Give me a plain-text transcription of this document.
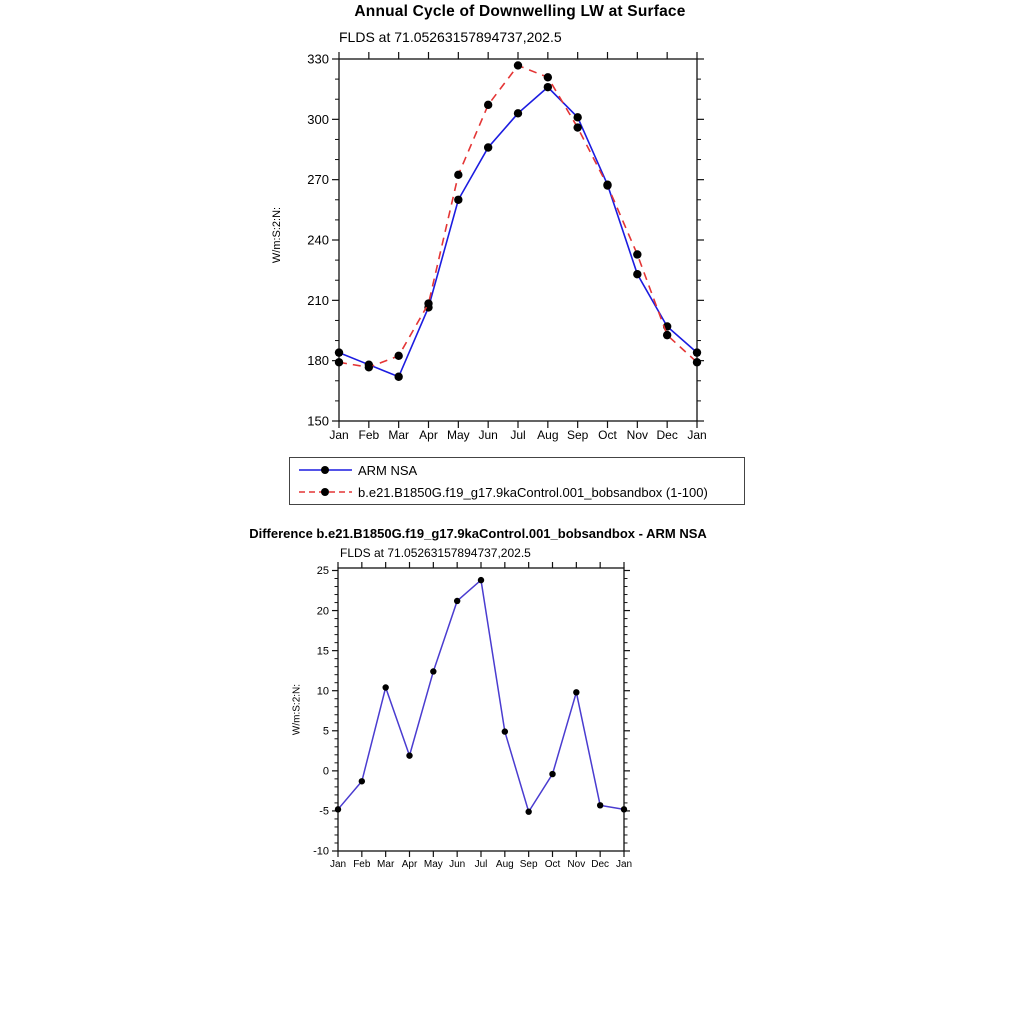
Annual Cycle of Downwelling LW at Surface
FLDS at 71.05263157894737,202.5
W/m:S:2:N:
Jan Feb Mar Apr May Jun Jul Aug Sep Oct Nov Dec Jan
150
180
210
240
270
300
330
ARM NSA
b.e21.B1850G.f19_g17.9kaControl.001_bobsandbox (1-100)
Difference b.e21.B1850G.f19_g17.9kaControl.001_bobsandbox - ARM NSA
FLDS at 71.05263157894737,202.5
W/m:S:2:N:
Jan Feb Mar Apr May Jun Jul Aug Sep Oct Nov Dec Jan
-10
-5
0
5
10
15
20
25
